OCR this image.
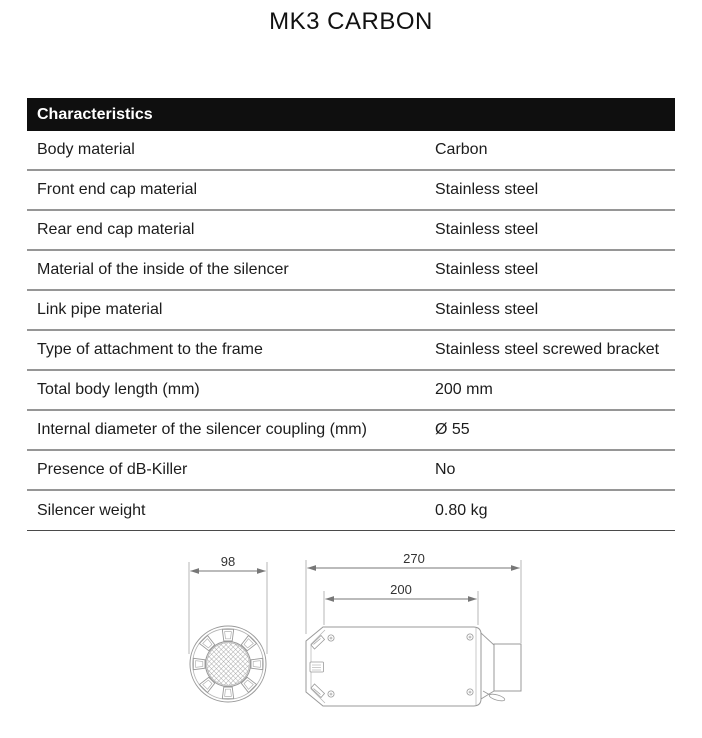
MK3 CARBON
Characteristics
Body material	Carbon
Front end cap material	Stainless steel
Rear end cap material	Stainless steel
Material of the inside of the silencer	Stainless steel
Link pipe material	Stainless steel
Type of attachment to the frame	Stainless steel screwed bracket
Total body length (mm)	200 mm
Internal diameter of the silencer coupling (mm)	Ø 55
Presence of dB-Killer	No
Silencer weight	0.80 kg
98	270
200
